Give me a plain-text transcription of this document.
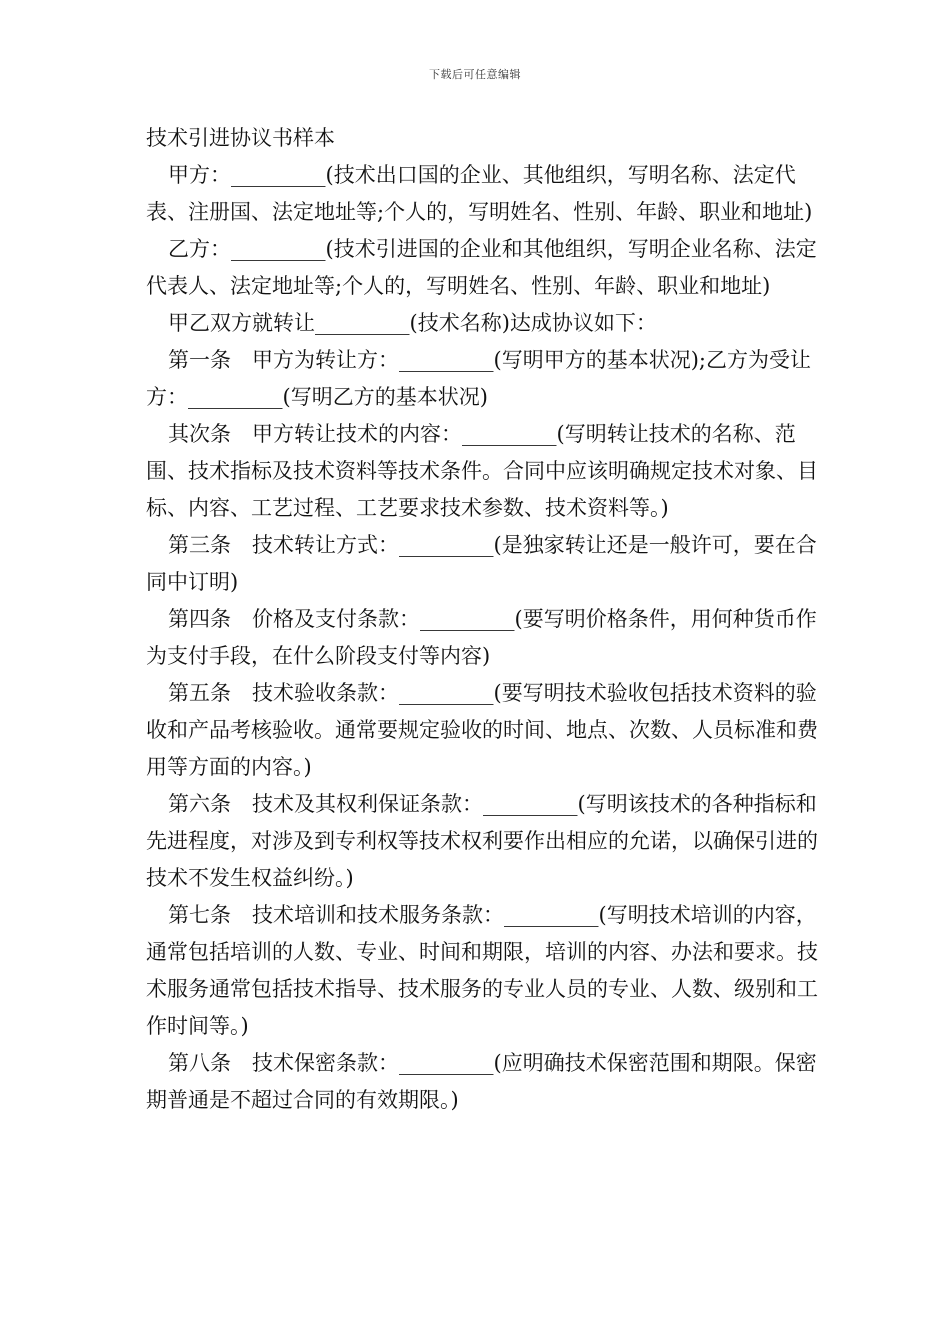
下载后可任意编辑
技术引进协议书样本

甲方：_________(技术出口国的企业、其他组织，写明名称、法定代表、注册国、法定地址等;个人的，写明姓名、性别、年龄、职业和地址)

乙方：_________(技术引进国的企业和其他组织，写明企业名称、法定代表人、法定地址等;个人的，写明姓名、性别、年龄、职业和地址)

甲乙双方就转让_________(技术名称)达成协议如下：

第一条　甲方为转让方：_________(写明甲方的基本状况);乙方为受让方：_________(写明乙方的基本状况)

其次条　甲方转让技术的内容：_________(写明转让技术的名称、范围、技术指标及技术资料等技术条件。合同中应该明确规定技术对象、目标、内容、工艺过程、工艺要求技术参数、技术资料等。)

第三条　技术转让方式：_________(是独家转让还是一般许可，要在合同中订明)

第四条　价格及支付条款：_________(要写明价格条件，用何种货币作为支付手段，在什么阶段支付等内容)

第五条　技术验收条款：_________(要写明技术验收包括技术资料的验收和产品考核验收。通常要规定验收的时间、地点、次数、人员标准和费用等方面的内容。)

第六条　技术及其权利保证条款：_________(写明该技术的各种指标和先进程度，对涉及到专利权等技术权利要作出相应的允诺，以确保引进的技术不发生权益纠纷。)

第七条　技术培训和技术服务条款：_________(写明技术培训的内容，通常包括培训的人数、专业、时间和期限，培训的内容、办法和要求。技术服务通常包括技术指导、技术服务的专业人员的专业、人数、级别和工作时间等。)

第八条　技术保密条款：_________(应明确技术保密范围和期限。保密期普通是不超过合同的有效期限。)
